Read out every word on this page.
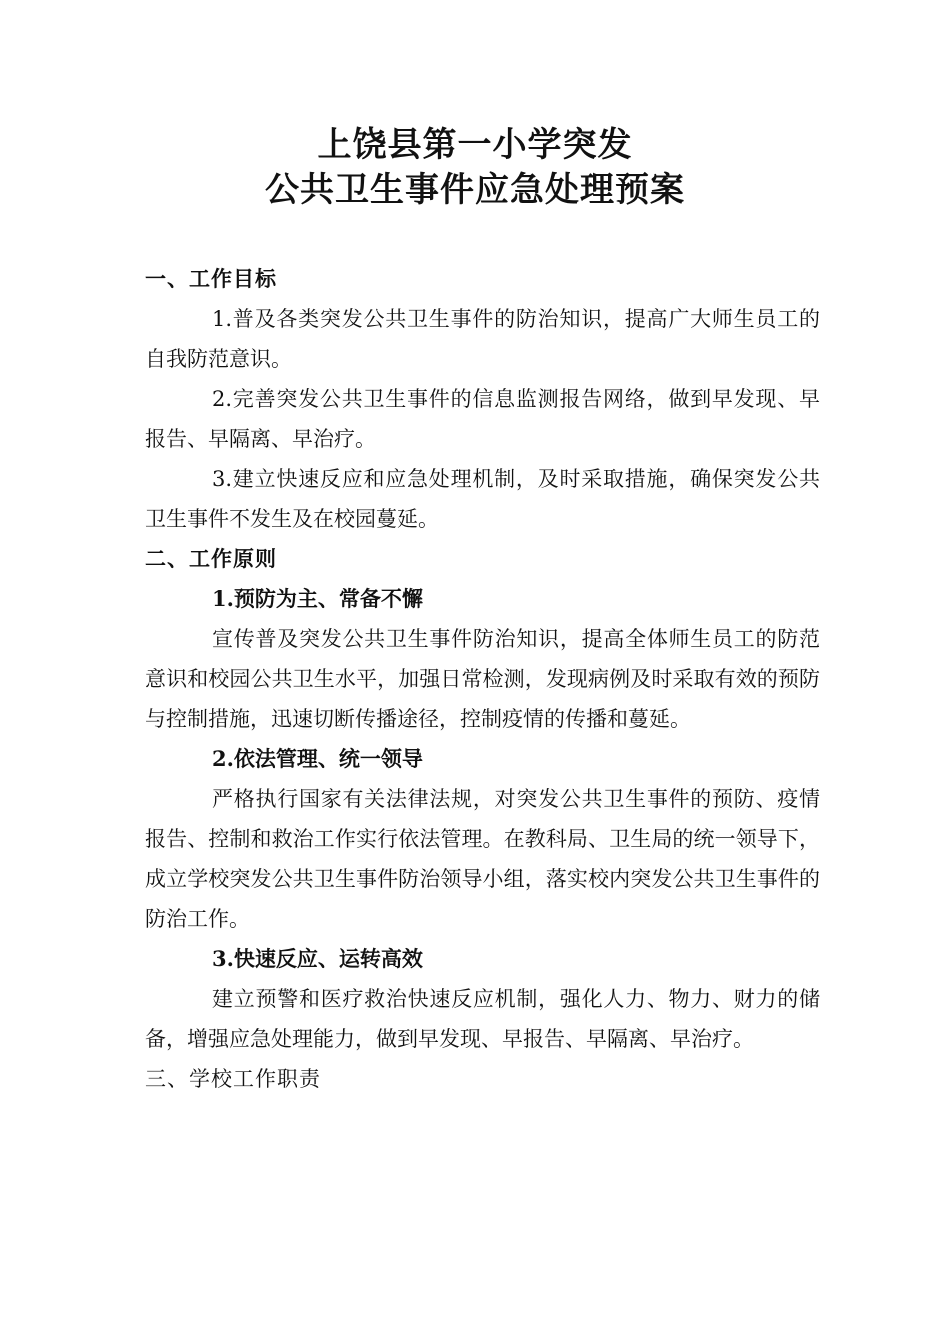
上饶县第一小学突发
公共卫生事件应急处理预案

一、工作目标

1.普及各类突发公共卫生事件的防治知识，提高广大师生员工的自我防范意识。

2.完善突发公共卫生事件的信息监测报告网络，做到早发现、早报告、早隔离、早治疗。

3.建立快速反应和应急处理机制，及时采取措施，确保突发公共卫生事件不发生及在校园蔓延。

二、工作原则

1.预防为主、常备不懈

宣传普及突发公共卫生事件防治知识，提高全体师生员工的防范意识和校园公共卫生水平，加强日常检测，发现病例及时采取有效的预防与控制措施，迅速切断传播途径，控制疫情的传播和蔓延。

2.依法管理、统一领导

严格执行国家有关法律法规，对突发公共卫生事件的预防、疫情报告、控制和救治工作实行依法管理。在教科局、卫生局的统一领导下，成立学校突发公共卫生事件防治领导小组，落实校内突发公共卫生事件的防治工作。

3.快速反应、运转高效

建立预警和医疗救治快速反应机制，强化人力、物力、财力的储备，增强应急处理能力，做到早发现、早报告、早隔离、早治疗。

三、学校工作职责
